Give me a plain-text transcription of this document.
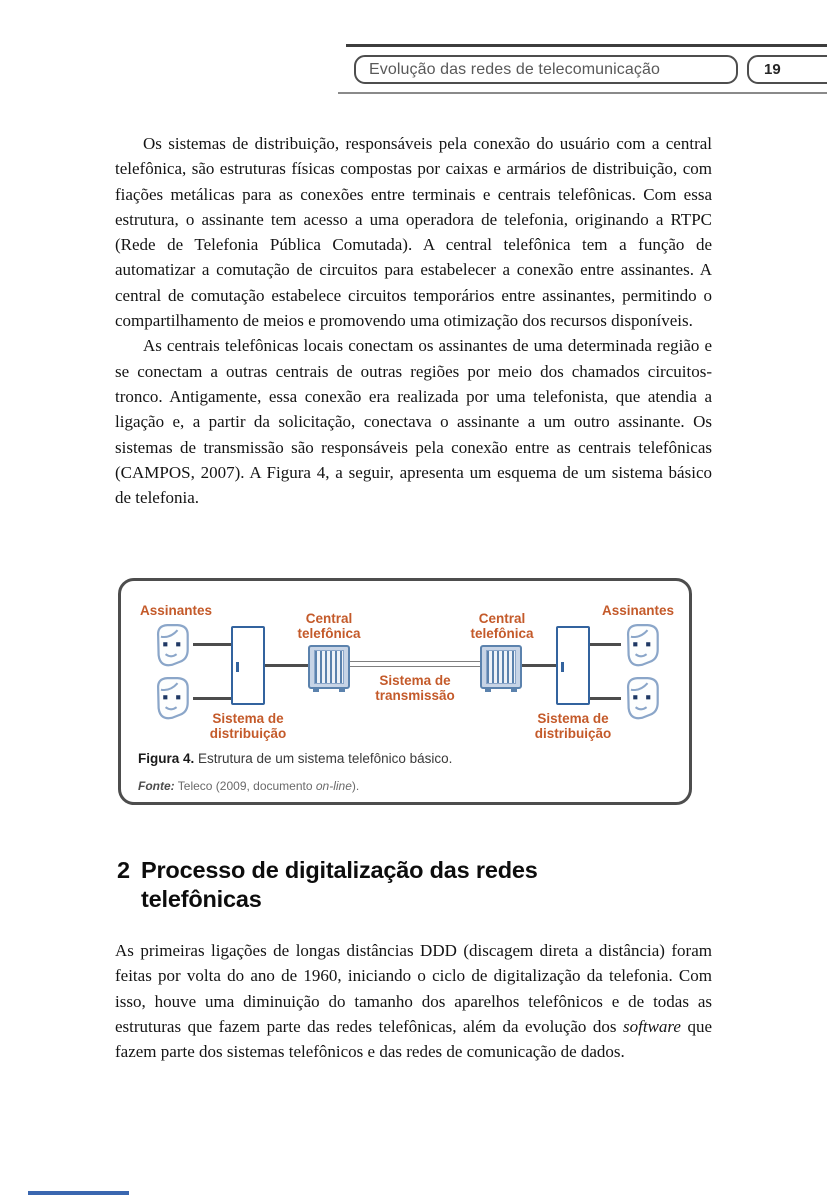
Evolução das redes de telecomunicação	19

Os sistemas de distribuição, responsáveis pela conexão do usuário com a central telefônica, são estruturas físicas compostas por caixas e armários de distribuição, com fiações metálicas para as conexões entre terminais e centrais telefônicas. Com essa estrutura, o assinante tem acesso a uma operadora de telefonia, originando a RTPC (Rede de Telefonia Pública Comutada). A central telefônica tem a função de automatizar a comutação de circuitos para estabelecer a conexão entre assinantes. A central de comutação estabelece circuitos temporários entre assinantes, permitindo o compartilhamento de meios e promovendo uma otimização dos recursos disponíveis.

As centrais telefônicas locais conectam os assinantes de uma determinada região e se conectam a outras centrais de outras regiões por meio dos chamados circuitos-tronco. Antigamente, essa conexão era realizada por uma telefonista, que atendia a ligação e, a partir da solicitação, conectava o assinante a um outro assinante. Os sistemas de transmissão são responsáveis pela conexão entre as centrais telefônicas (CAMPOS, 2007). A Figura 4, a seguir, apresenta um esquema de um sistema básico de telefonia.

Assinantes	Assinantes
Central telefônica
Central telefônica
Sistema de distribuição
Sistema de distribuição
Sistema de transmissão
Figura 4. Estrutura de um sistema telefônico básico.
Fonte: Teleco (2009, documento on-line).
2 Processo de digitalização das redes telefônicas
As primeiras ligações de longas distâncias DDD (discagem direta a distância) foram feitas por volta do ano de 1960, iniciando o ciclo de digitalização da telefonia. Com isso, houve uma diminuição do tamanho dos aparelhos telefônicos e de todas as estruturas que fazem parte das redes telefônicas, além da evolução dos software que fazem parte dos sistemas telefônicos e das redes de comunicação de dados.
